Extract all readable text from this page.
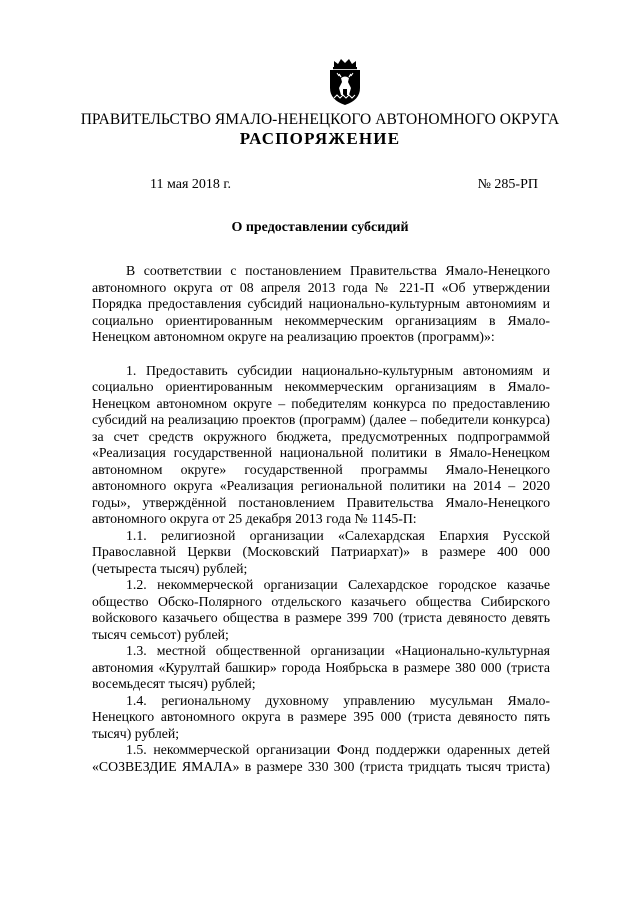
ПРАВИТЕЛЬСТВО ЯМАЛО-НЕНЕЦКОГО АВТОНОМНОГО ОКРУГА
РАСПОРЯЖЕНИЕ
11 мая 2018 г.	№ 285-РП
О предоставлении субсидий

В соответствии с постановлением Правительства Ямало-Ненецкого автономного округа от 08 апреля 2013 года № 221-П «Об утверждении Порядка предоставления субсидий национально-культурным автономиям и социально ориентированным некоммерческим организациям в Ямало-Ненецком автономном округе на реализацию проектов (программ)»:

1. Предоставить субсидии национально-культурным автономиям и социально ориентированным некоммерческим организациям в Ямало-Ненецком автономном округе – победителям конкурса по предоставлению субсидий на реализацию проектов (программ) (далее – победители конкурса) за счет средств окружного бюджета, предусмотренных подпрограммой «Реализация государственной национальной политики в Ямало-Ненецком автономном округе» государственной программы Ямало-Ненецкого автономного округа «Реализация региональной политики на 2014 – 2020 годы», утверждённой постановлением Правительства Ямало-Ненецкого автономного округа от 25 декабря 2013 года № 1145-П:

1.1. религиозной организации «Салехардская Епархия Русской Православной Церкви (Московский Патриархат)» в размере 400 000 (четыреста тысяч) рублей;

1.2. некоммерческой организации Салехардское городское казачье общество Обско-Полярного отдельского казачьего общества Сибирского войскового казачьего общества в размере 399 700 (триста девяносто девять тысяч семьсот) рублей;

1.3. местной общественной организации «Национально-культурная автономия «Курултай башкир» города Ноябрьска в размере 380 000 (триста восемьдесят тысяч) рублей;

1.4. региональному духовному управлению мусульман Ямало-Ненецкого автономного округа в размере 395 000 (триста девяносто пять тысяч) рублей;

1.5. некоммерческой организации Фонд поддержки одаренных детей «СОЗВЕЗДИЕ ЯМАЛА» в размере 330 300 (триста тридцать тысяч триста)
